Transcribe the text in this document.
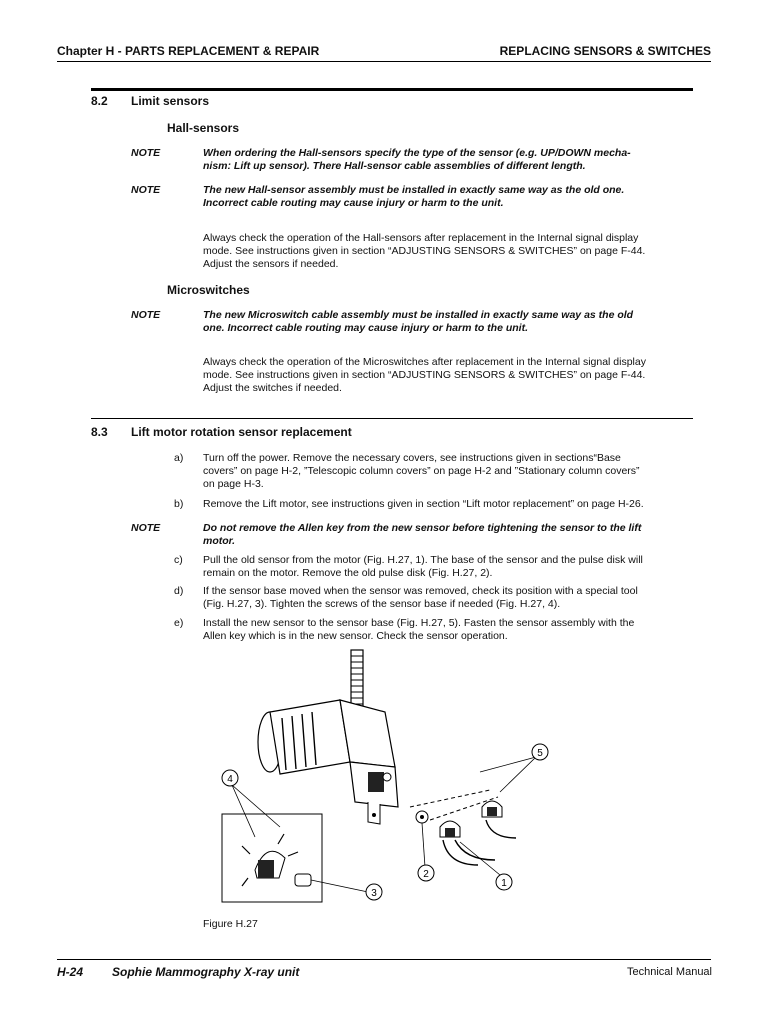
Chapter H - PARTS REPLACEMENT & REPAIR	REPLACING SENSORS & SWITCHES
8.2 Limit sensors
Hall-sensors
NOTE	When ordering the Hall-sensors specify the type of the sensor (e.g. UP/DOWN mecha-
nism: Lift up sensor). There Hall-sensor cable assemblies of different length.
NOTE	The new Hall-sensor assembly must be installed in exactly same way as the old one.
Incorrect cable routing may cause injury or harm to the unit.
Always check the operation of the Hall-sensors after replacement in the Internal signal display
mode. See instructions given in section “ADJUSTING SENSORS & SWITCHES” on page F-44.
Adjust the sensors if needed.
Microswitches
NOTE	The new Microswitch cable assembly must be installed in exactly same way as the old
one. Incorrect cable routing may cause injury or harm to the unit.
Always check the operation of the Microswitches after replacement in the Internal signal display
mode. See instructions given in section “ADJUSTING SENSORS & SWITCHES” on page F-44.
Adjust the switches if needed.
8.3 Lift motor rotation sensor replacement
a) Turn off the power. Remove the necessary covers, see instructions given in sections“Base
covers” on page H-2, ”Telescopic column covers” on page H-2 and ”Stationary column covers”
on page H-3.
b) Remove the Lift motor, see instructions given in section “Lift motor replacement” on page H-26.
NOTE	Do not remove the Allen key from the new sensor before tightening the sensor to the lift
motor.
c) Pull the old sensor from the motor (Fig. H.27, 1). The base of the sensor and the pulse disk will
remain on the motor. Remove the old pulse disk (Fig. H.27, 2).
d) If the sensor base moved when the sensor was removed, check its position with a special tool
(Fig. H.27, 3). Tighten the screws of the sensor base if needed (Fig. H.27, 4).
e) Install the new sensor to the sensor base (Fig. H.27, 5). Fasten the sensor assembly with the
Allen key which is in the new sensor. Check the sensor operation.
4
5
2
1
3
Figure H.27
H-24 Sophie Mammography X-ray unit	Technical Manual
